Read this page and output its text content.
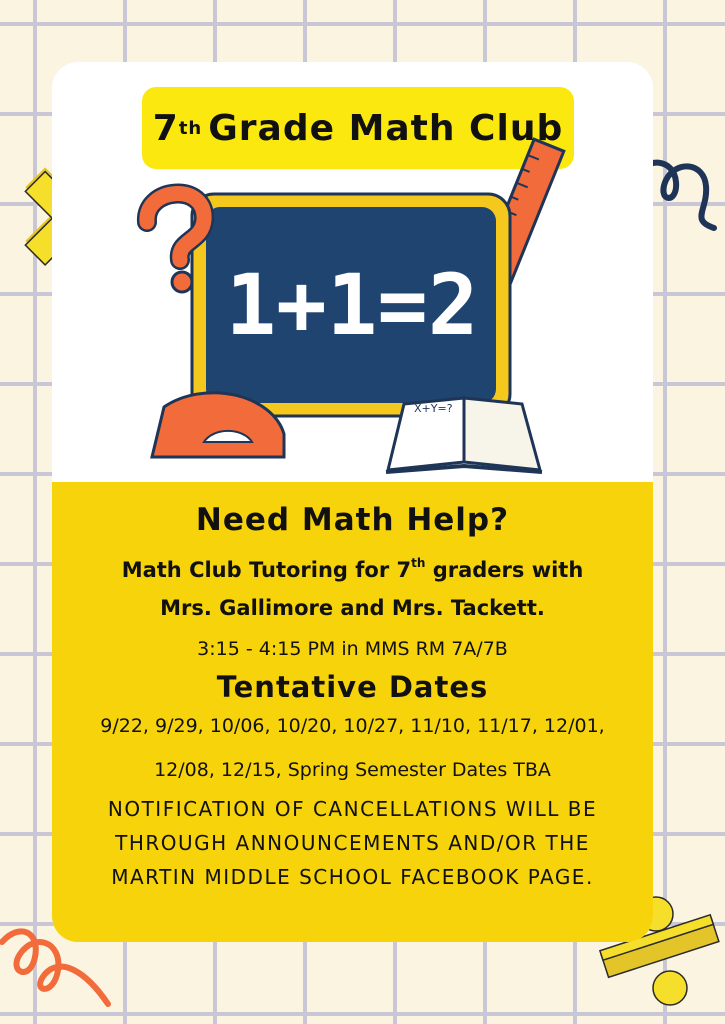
7 th Grade Math Club
1+1=2
X+Y=?
Need Math Help?
Math Club Tutoring for 7th graders with
Mrs. Gallimore and Mrs. Tackett.
3:15 - 4:15 PM in MMS RM 7A/7B
Tentative Dates
9/22, 9/29, 10/06, 10/20, 10/27, 11/10, 11/17, 12/01,
12/08, 12/15, Spring Semester Dates TBA
NOTIFICATION OF CANCELLATIONS WILL BE THROUGH ANNOUNCEMENTS AND/OR THE MARTIN MIDDLE SCHOOL FACEBOOK PAGE.
